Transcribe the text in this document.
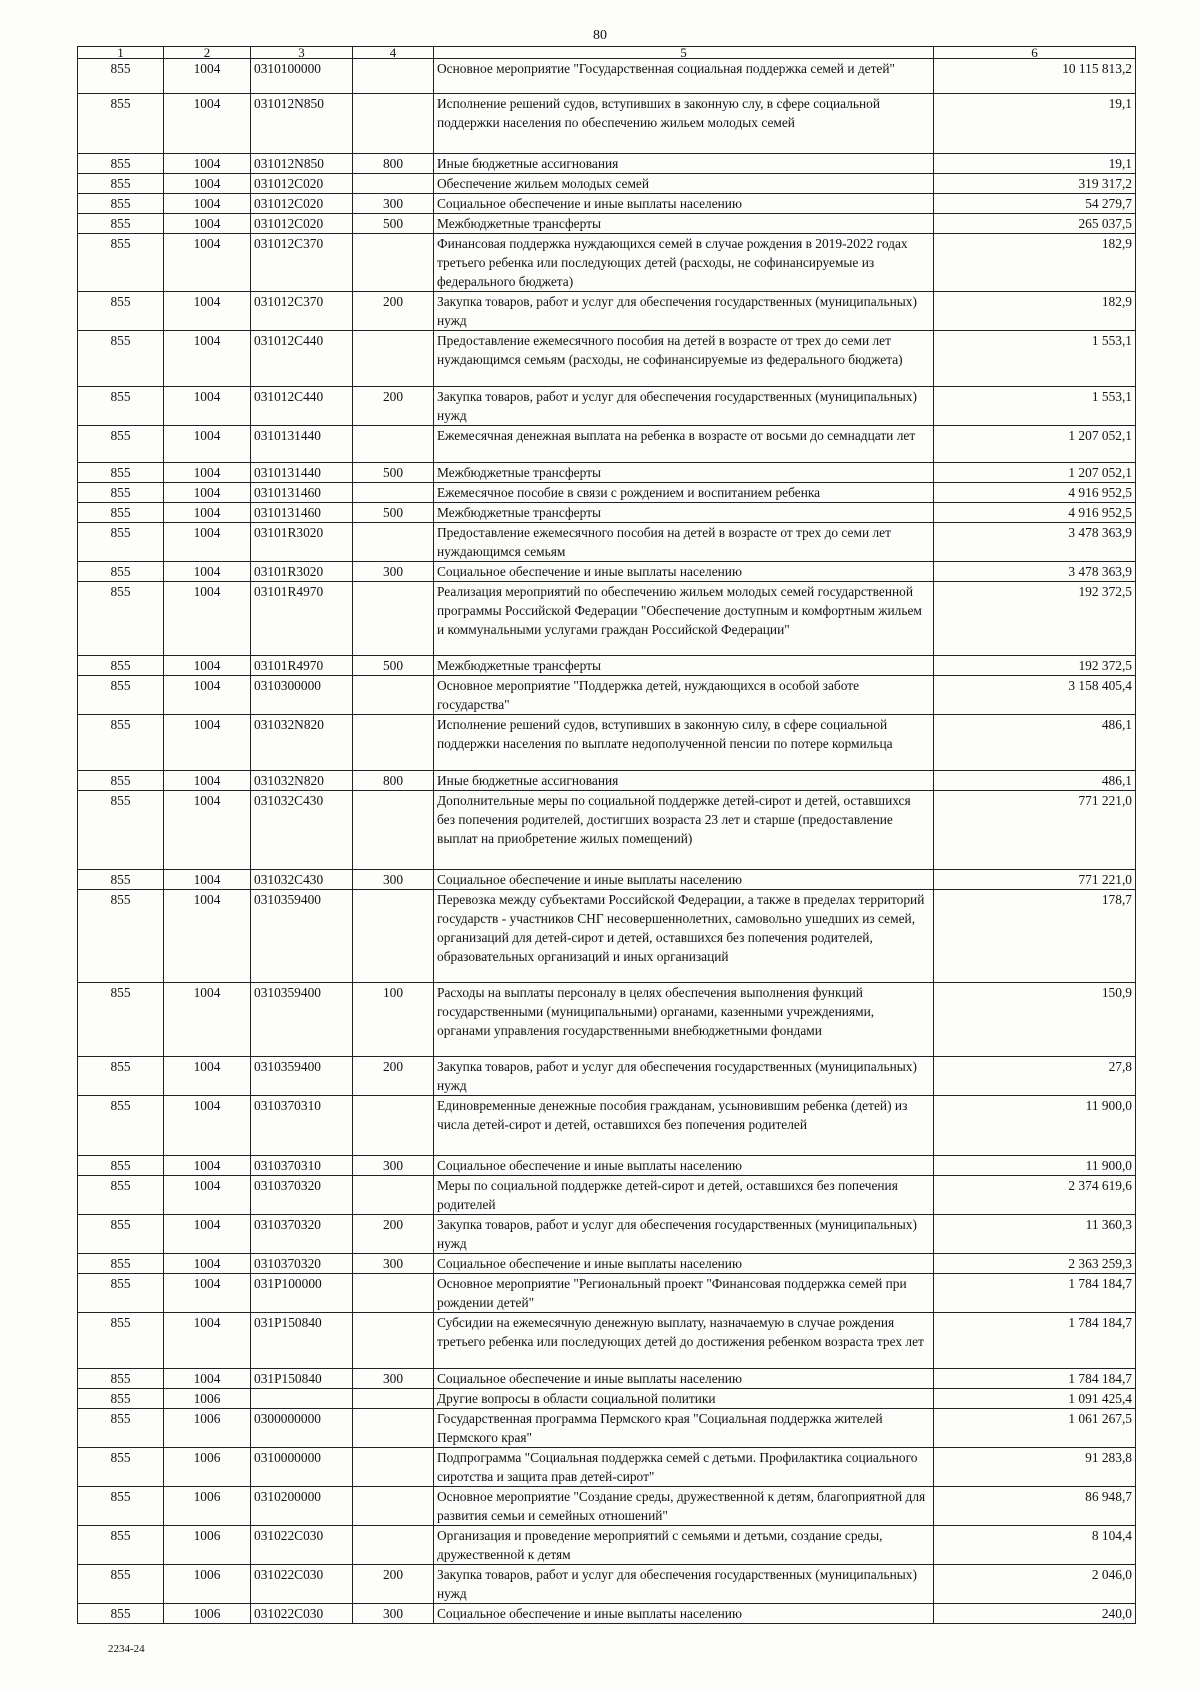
80
1	2	3	4	5	6
855	1004	0310100000		Основное мероприятие "Государственная социальная поддержка семей и детей"	10 115 813,2
855	1004	031012N850		Исполнение решений судов, вступивших в законную слу, в сфере социальной поддержки населения по обеспечению жильем молодых семей	19,1
855	1004	031012N850	800	Иные бюджетные ассигнования	19,1
855	1004	031012C020		Обеспечение жильем молодых семей	319 317,2
855	1004	031012C020	300	Социальное обеспечение и иные выплаты населению	54 279,7
855	1004	031012C020	500	Межбюджетные трансферты	265 037,5
855	1004	031012C370		Финансовая поддержка нуждающихся семей в случае рождения в 2019-2022 годах третьего ребенка или последующих детей (расходы, не софинансируемые из федерального бюджета)	182,9
855	1004	031012C370	200	Закупка товаров, работ и услуг для обеспечения государственных (муниципальных) нужд	182,9
855	1004	031012C440		Предоставление ежемесячного пособия на детей в возрасте от трех до семи лет нуждающимся семьям (расходы, не софинансируемые из федерального бюджета)	1 553,1
855	1004	031012C440	200	Закупка товаров, работ и услуг для обеспечения государственных (муниципальных) нужд	1 553,1
855	1004	0310131440		Ежемесячная денежная выплата на ребенка в возрасте от восьми до семнадцати лет	1 207 052,1
855	1004	0310131440	500	Межбюджетные трансферты	1 207 052,1
855	1004	0310131460		Ежемесячное пособие в связи с рождением и воспитанием ребенка	4 916 952,5
855	1004	0310131460	500	Межбюджетные трансферты	4 916 952,5
855	1004	03101R3020		Предоставление ежемесячного пособия на детей в возрасте от трех до семи лет нуждающимся семьям	3 478 363,9
855	1004	03101R3020	300	Социальное обеспечение и иные выплаты населению	3 478 363,9
855	1004	03101R4970		Реализация мероприятий по обеспечению жильем молодых семей государственной программы Российской Федерации "Обеспечение доступным и комфортным жильем и коммунальными услугами граждан Российской Федерации"	192 372,5
855	1004	03101R4970	500	Межбюджетные трансферты	192 372,5
855	1004	0310300000		Основное мероприятие "Поддержка детей, нуждающихся в особой заботе государства"	3 158 405,4
855	1004	031032N820		Исполнение решений судов, вступивших в законную силу, в сфере социальной поддержки населения по выплате недополученной пенсии по потере кормильца	486,1
855	1004	031032N820	800	Иные бюджетные ассигнования	486,1
855	1004	031032C430		Дополнительные меры по социальной поддержке детей-сирот и детей, оставшихся без попечения родителей, достигших возраста 23 лет и старше (предоставление выплат на приобретение жилых помещений)	771 221,0
855	1004	031032C430	300	Социальное обеспечение и иные выплаты населению	771 221,0
855	1004	0310359400		Перевозка между субъектами Российской Федерации, а также в пределах территорий государств - участников СНГ несовершеннолетних, самовольно ушедших из семей, организаций для детей-сирот и детей, оставшихся без попечения родителей, образовательных организаций и иных организаций	178,7
855	1004	0310359400	100	Расходы на выплаты персоналу в целях обеспечения выполнения функций государственными (муниципальными) органами, казенными учреждениями, органами управления государственными внебюджетными фондами	150,9
855	1004	0310359400	200	Закупка товаров, работ и услуг для обеспечения государственных (муниципальных) нужд	27,8
855	1004	0310370310		Единовременные денежные пособия гражданам, усыновившим ребенка (детей) из числа детей-сирот и детей, оставшихся без попечения родителей	11 900,0
855	1004	0310370310	300	Социальное обеспечение и иные выплаты населению	11 900,0
855	1004	0310370320		Меры по социальной поддержке детей-сирот и детей, оставшихся без попечения родителей	2 374 619,6
855	1004	0310370320	200	Закупка товаров, работ и услуг для обеспечения государственных (муниципальных) нужд	11 360,3
855	1004	0310370320	300	Социальное обеспечение и иные выплаты населению	2 363 259,3
855	1004	031P100000		Основное мероприятие "Региональный проект "Финансовая поддержка семей при рождении детей"	1 784 184,7
855	1004	031P150840		Субсидии на ежемесячную денежную выплату, назначаемую в случае рождения третьего ребенка или последующих детей до достижения ребенком возраста трех лет	1 784 184,7
855	1004	031P150840	300	Социальное обеспечение и иные выплаты населению	1 784 184,7
855	1006			Другие вопросы в области социальной политики	1 091 425,4
855	1006	0300000000		Государственная программа Пермского края "Социальная поддержка жителей Пермского края"	1 061 267,5
855	1006	0310000000		Подпрограмма "Социальная поддержка семей с детьми. Профилактика социального сиротства и защита прав детей-сирот"	91 283,8
855	1006	0310200000		Основное мероприятие "Создание среды, дружественной к детям, благоприятной для развития семьи и семейных отношений"	86 948,7
855	1006	031022C030		Организация и проведение мероприятий с семьями и детьми, создание среды, дружественной к детям	8 104,4
855	1006	031022C030	200	Закупка товаров, работ и услуг для обеспечения государственных (муниципальных) нужд	2 046,0
855	1006	031022C030	300	Социальное обеспечение и иные выплаты населению	240,0
2234-24
